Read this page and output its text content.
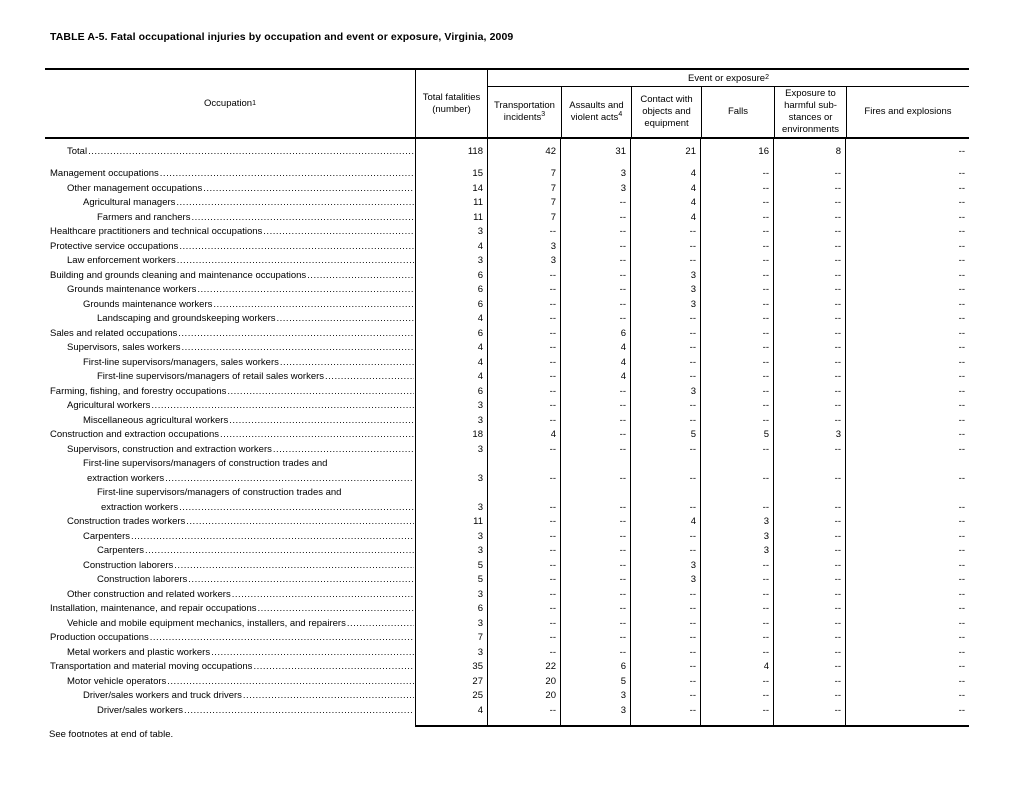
TABLE A-5. Fatal occupational injuries by occupation and event or exposure, Virginia, 2009
Occupation 1
Total fatalities (number)
Event or exposure 2
Transportation incidents$^3$
Assaults and violent acts$^4$
Contact with objects and equipment
Falls
Exposure to harmful sub-stances or environments
Fires and explosions
Total .....	118	42	31	21	16	8	--
Management occupations .....	15	7	3	4	--	--	--
Other management occupations .....	14	7	3	4	--	--	--
Agricultural managers .....	11	7	--	4	--	--	--
Farmers and ranchers .....	11	7	--	4	--	--	--
Healthcare practitioners and technical occupations .....	3	--	--	--	--	--	--
Protective service occupations .....	4	3	--	--	--	--	--
Law enforcement workers .....	3	3	--	--	--	--	--
Building and grounds cleaning and maintenance occupations .....	6	--	--	3	--	--	--
Grounds maintenance workers .....	6	--	--	3	--	--	--
Grounds maintenance workers .....	6	--	--	3	--	--	--
Landscaping and groundskeeping workers .....	4	--	--	--	--	--	--
Sales and related occupations .....	6	--	6	--	--	--	--
Supervisors, sales workers .....	4	--	4	--	--	--	--
First-line supervisors/managers, sales workers .....	4	--	4	--	--	--	--
First-line supervisors/managers of retail sales workers .....	4	--	4	--	--	--	--
Farming, fishing, and forestry occupations .....	6	--	--	3	--	--	--
Agricultural workers .....	3	--	--	--	--	--	--
Miscellaneous agricultural workers .....	3	--	--	--	--	--	--
Construction and extraction occupations .....	18	4	--	5	5	3	--
Supervisors, construction and extraction workers .....	3	--	--	--	--	--	--
First-line supervisors/managers of construction trades and
extraction workers .....	3	--	--	--	--	--	--
First-line supervisors/managers of construction trades and
extraction workers .....	3	--	--	--	--	--	--
Construction trades workers .....	11	--	--	4	3	--	--
Carpenters .....	3	--	--	--	3	--	--
Carpenters .....	3	--	--	--	3	--	--
Construction laborers .....	5	--	--	3	--	--	--
Construction laborers .....	5	--	--	3	--	--	--
Other construction and related workers .....	3	--	--	--	--	--	--
Installation, maintenance, and repair occupations .....	6	--	--	--	--	--	--
Vehicle and mobile equipment mechanics, installers, and repairers .....	3	--	--	--	--	--	--
Production occupations .....	7	--	--	--	--	--	--
Metal workers and plastic workers .....	3	--	--	--	--	--	--
Transportation and material moving occupations .....	35	22	6	--	4	--	--
Motor vehicle operators .....	27	20	5	--	--	--	--
Driver/sales workers and truck drivers .....	25	20	3	--	--	--	--
Driver/sales workers .....	4	--	3	--	--	--	--
See footnotes at end of table.
